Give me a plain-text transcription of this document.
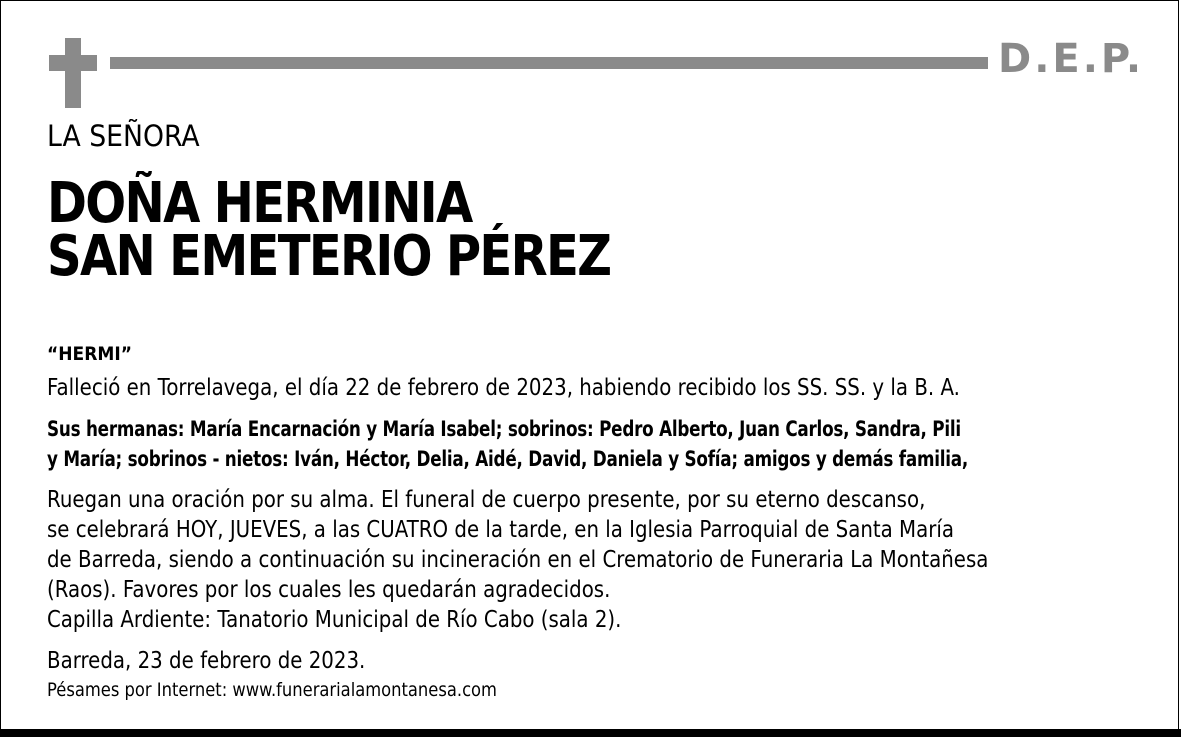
D.E.P.
LA SEÑORA
DOÑA HERMINIA
SAN EMETERIO PÉREZ
“HERMI”
Falleció en Torrelavega, el día 22 de febrero de 2023, habiendo recibido los SS. SS. y la B. A.
Sus hermanas: María Encarnación y María Isabel; sobrinos: Pedro Alberto, Juan Carlos, Sandra, Pili
y María; sobrinos - nietos: Iván, Héctor, Delia, Aidé, David, Daniela y Sofía; amigos y demás familia,
Ruegan una oración por su alma. El funeral de cuerpo presente, por su eterno descanso,
se celebrará HOY, JUEVES, a las CUATRO de la tarde, en la Iglesia Parroquial de Santa María
de Barreda, siendo a continuación su incineración en el Crematorio de Funeraria La Montañesa
(Raos). Favores por los cuales les quedarán agradecidos.
Capilla Ardiente: Tanatorio Municipal de Río Cabo (sala 2).
Barreda, 23 de febrero de 2023.
Pésames por Internet: www.funerarialamontanesa.com
